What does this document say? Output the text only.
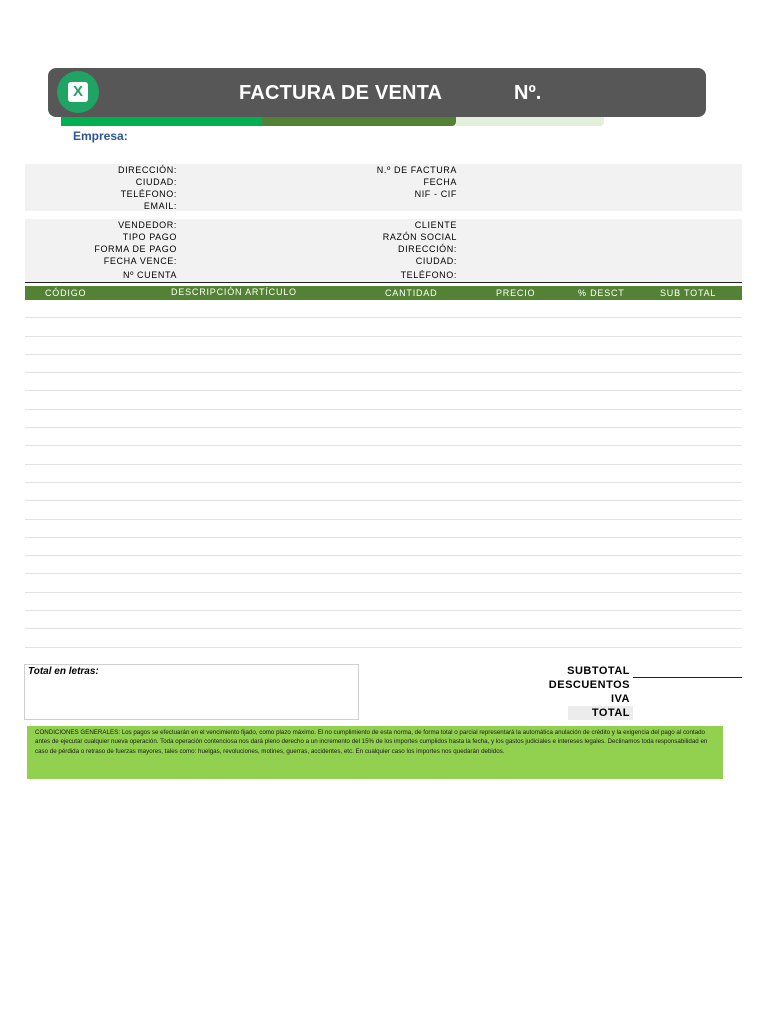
X	FACTURA DE VENTA	Nº.
Empresa:
DIRECCIÓN:
CIUDAD:
TELÉFONO:
EMAIL:
N.º DE FACTURA
FECHA
NIF - CIF
VENDEDOR:
TIPO PAGO
FORMA DE PAGO
FECHA VENCE:
Nº CUENTA
CLIENTE
RAZÓN SOCIAL
DIRECCIÓN:
CIUDAD:
TELÉFONO:
CÓDIGO	DESCRIPCIÓN ARTÍCULO	CANTIDAD	PRECIO	% DESCT	SUB TOTAL
Total en letras:	SUBTOTAL
DESCUENTOS
IVA
TOTAL
CONDICIONES GENERALES: Los pagos se efectuarán en el vencimiento fijado, como plazo máximo. El no cumplimiento de esta norma, de forma total o parcial representará la automática anulación de crédito y la exigencia del pago al contado antes de ejecutar cualquier nueva operación. Toda operación contenciosa nos dará pleno derecho a un incremento del 15% de los importes cumplidos hasta la fecha, y los gastos judiciales e intereses legales. Declinamos toda responsabilidad en caso de pérdida o retraso de fuerzas mayores, tales como: huelgas, revoluciones, motines, guerras, accidentes, etc. En cualquier caso los importes nos quedarán debidos.
